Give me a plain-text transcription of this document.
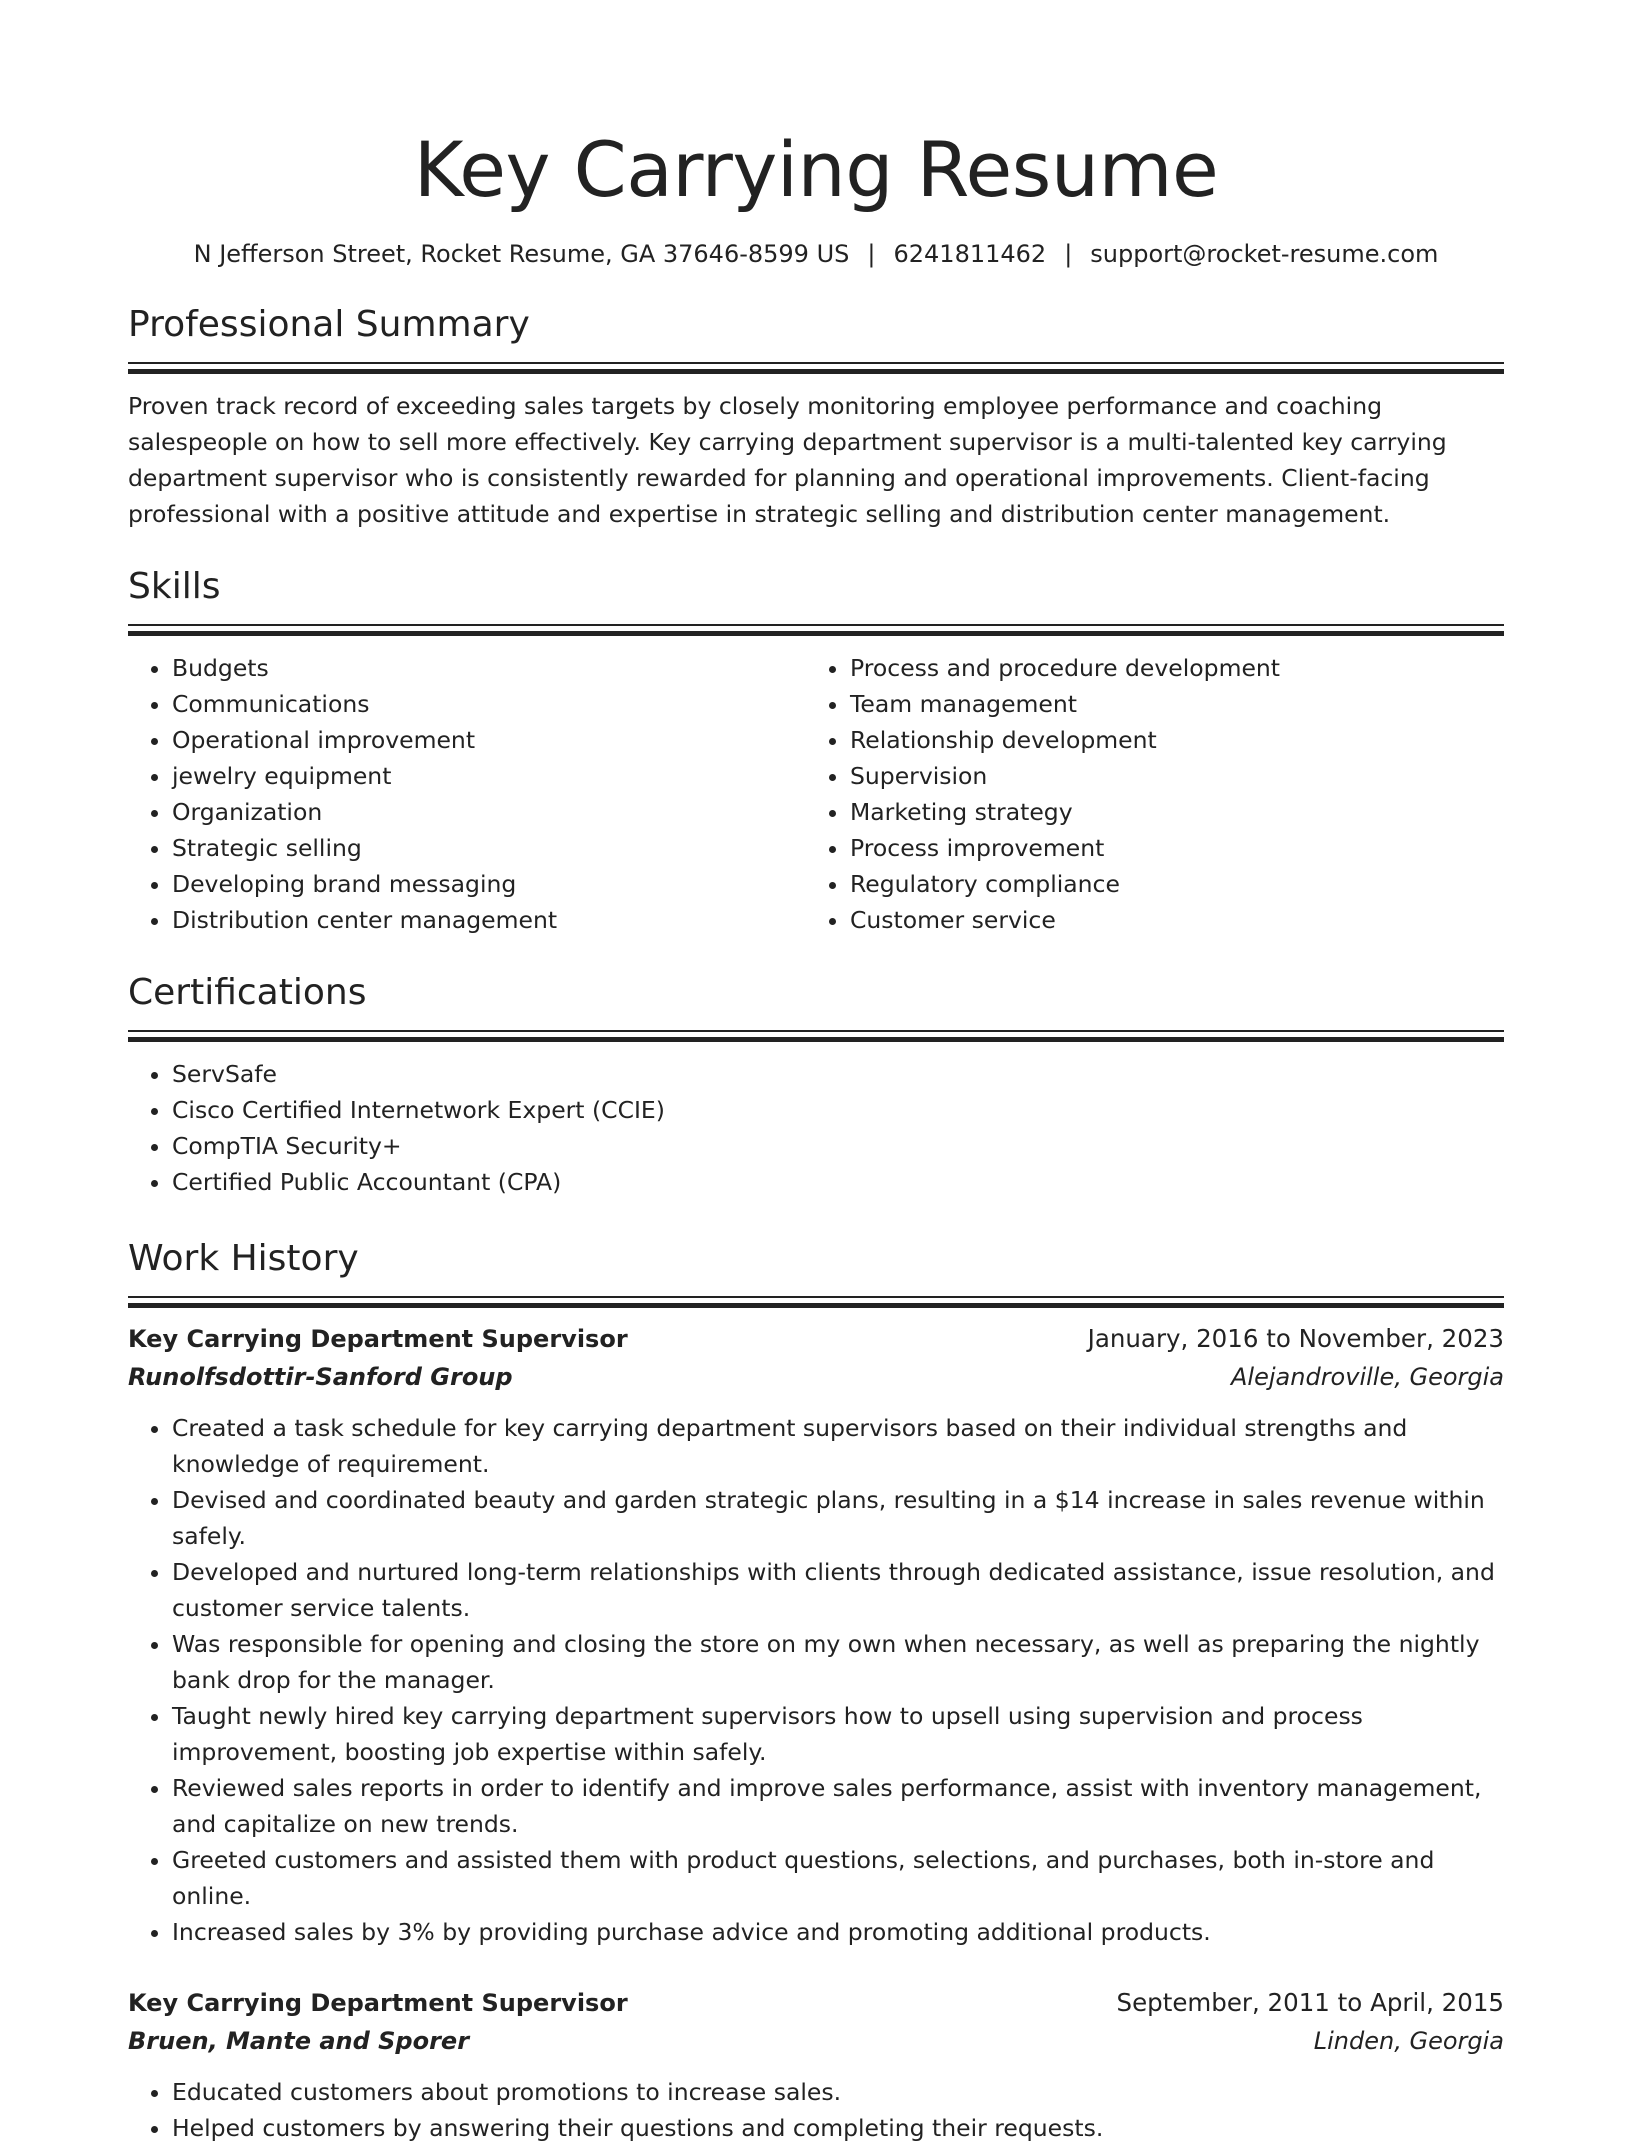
Key Carrying Resume
N Jefferson Street, Rocket Resume, GA 37646-8599 US | 6241811462 | support@rocket-resume.com
Professional Summary

Proven track record of exceeding sales targets by closely monitoring employee performance and coaching salespeople on how to sell more effectively. Key carrying department supervisor is a multi-talented key carrying department supervisor who is consistently rewarded for planning and operational improvements. Client-facing professional with a positive attitude and expertise in strategic selling and distribution center management.

Skills
• Budgets
• Communications
• Operational improvement
• jewelry equipment
• Organization
• Strategic selling
• Developing brand messaging
• Distribution center management
• Process and procedure development
• Team management
• Relationship development
• Supervision
• Marketing strategy
• Process improvement
• Regulatory compliance
• Customer service
Certifications
• ServSafe
• Cisco Certified Internetwork Expert (CCIE)
• CompTIA Security+
• Certified Public Accountant (CPA)
Work History
Key Carrying Department Supervisor	January, 2016 to November, 2023
Runolfsdottir-Sanford Group	Alejandroville, Georgia
• Created a task schedule for key carrying department supervisors based on their individual strengths and knowledge of requirement.
• Devised and coordinated beauty and garden strategic plans, resulting in a $14 increase in sales revenue within safely.
• Developed and nurtured long-term relationships with clients through dedicated assistance, issue resolution, and customer service talents.
• Was responsible for opening and closing the store on my own when necessary, as well as preparing the nightly bank drop for the manager.
• Taught newly hired key carrying department supervisors how to upsell using supervision and process improvement, boosting job expertise within safely.
• Reviewed sales reports in order to identify and improve sales performance, assist with inventory management, and capitalize on new trends.
• Greeted customers and assisted them with product questions, selections, and purchases, both in-store and online.
• Increased sales by 3% by providing purchase advice and promoting additional products.
Key Carrying Department Supervisor	September, 2011 to April, 2015
Bruen, Mante and Sporer	Linden, Georgia
• Educated customers about promotions to increase sales.
• Helped customers by answering their questions and completing their requests.
